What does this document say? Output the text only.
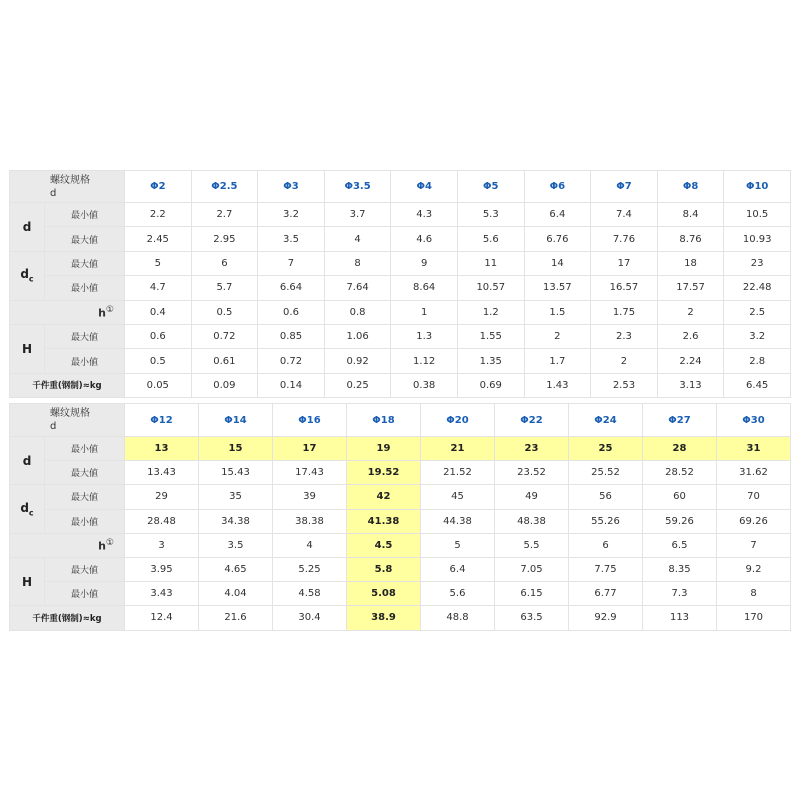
螺纹规格
d		Φ2	Φ2.5	Φ3	Φ3.5	Φ4	Φ5	Φ6	Φ7	Φ8	Φ10
d	最小値	2.2	2.7	3.2	3.7	4.3	5.3	6.4	7.4	8.4	10.5
	最大値	2.45	2.95	3.5	4	4.6	5.6	6.76	7.76	8.76	10.93
$d_c$	最大値	5	6	7	8	9	11	14	17	18	23
	最小値	4.7	5.7	6.64	7.64	8.64	10.57	13.57	16.57	17.57	22.48
h①		0.4	0.5	0.6	0.8	1	1.2	1.5	1.75	2	2.5
H	最大値	0.6	0.72	0.85	1.06	1.3	1.55	2	2.3	2.6	3.2
	最小値	0.5	0.61	0.72	0.92	1.12	1.35	1.7	2	2.24	2.8
千件重(钢制)≈kg		0.05	0.09	0.14	0.25	0.38	0.69	1.43	2.53	3.13	6.45
螺纹规格
d		Φ12	Φ14	Φ16	Φ18	Φ20	Φ22	Φ24	Φ27	Φ30
d	最小値	13	15	17	19	21	23	25	28	31
	最大値	13.43	15.43	17.43	19.52	21.52	23.52	25.52	28.52	31.62
$d_c$	最大値	29	35	39	42	45	49	56	60	70
	最小値	28.48	34.38	38.38	41.38	44.38	48.38	55.26	59.26	69.26
h①		3	3.5	4	4.5	5	5.5	6	6.5	7
H	最大値	3.95	4.65	5.25	5.8	6.4	7.05	7.75	8.35	9.2
	最小値	3.43	4.04	4.58	5.08	5.6	6.15	6.77	7.3	8
千件重(钢制)≈kg		12.4	21.6	30.4	38.9	48.8	63.5	92.9	113	170
